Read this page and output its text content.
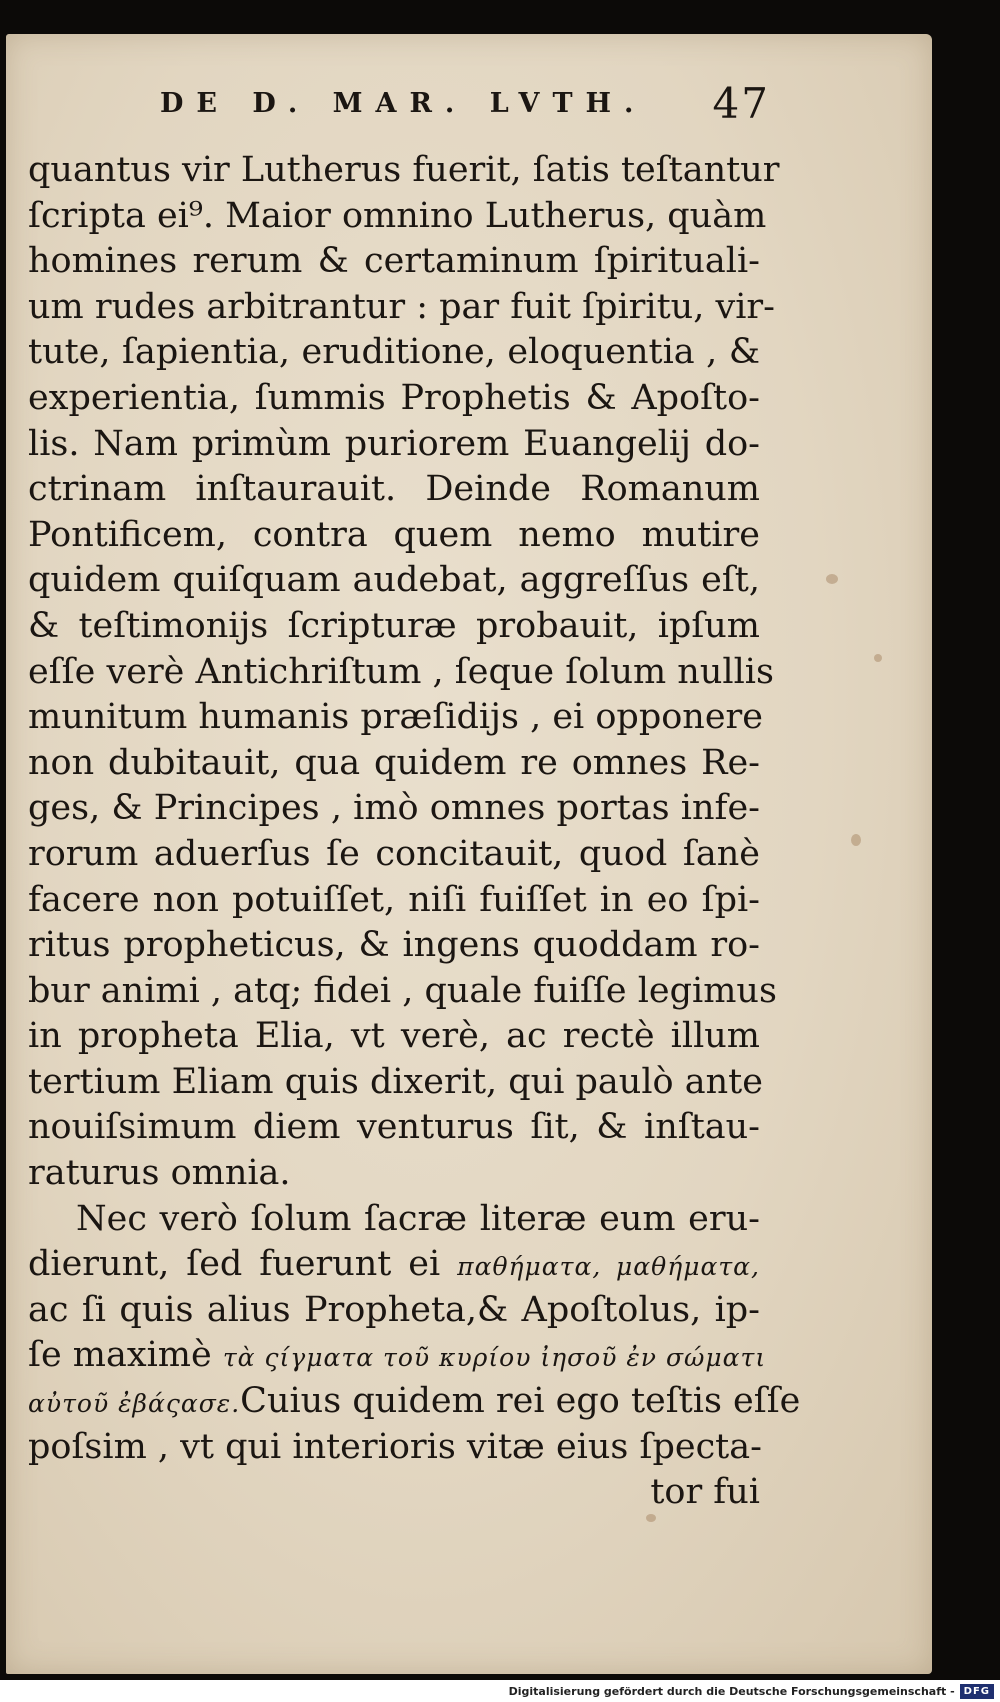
DE D. MAR. LVTH. 47
quantus vir Lutherus fuerit, ſatis teſtantur
ſcripta ei⁹. Maior omnino Lutherus, quàm
homines rerum & certaminum ſpirituali-
um rudes arbitrantur : par fuit ſpiritu, vir-
tute, ſapientia, eruditione, eloquentia , &
experientia, ſummis Prophetis & Apoſto-
lis. Nam primùm puriorem Euangelij do-
ctrinam inſtaurauit. Deinde Romanum
Pontificem, contra quem nemo mutire
quidem quiſquam audebat, aggreſſus eſt,
& teſtimonijs ſcripturæ probauit, ipſum
eſſe verè Antichriſtum , ſeque ſolum nullis
munitum humanis præſidijs , ei opponere
non dubitauit, qua quidem re omnes Re-
ges, & Principes , imò omnes portas infe-
rorum aduerſus ſe concitauit, quod ſanè
facere non potuiſſet, niſi fuiſſet in eo ſpi-
ritus propheticus, & ingens quoddam ro-
bur animi , atq; fidei , quale fuiſſe legimus
in propheta Elia, vt verè, ac rectè illum
tertium Eliam quis dixerit, qui paulò ante
nouiſsimum diem venturus ſit, & inſtau-
raturus omnia.
Nec verò ſolum ſacræ literæ eum eru-
dierunt, ſed fuerunt ei παθήματα, μαθήματα,
ac ſi quis alius Propheta,& Apoſtolus, ip-
ſe maximè τὰ ςίγματα τοῦ κυρίου ἰησοῦ ἐν σώματι
αὐτοῦ ἐβάςασε.Cuius quidem rei ego teſtis eſſe
poſsim , vt qui interioris vitæ eius ſpecta-
tor fui
Digitalisierung gefördert durch die Deutsche Forschungsgemeinschaft - DFG
